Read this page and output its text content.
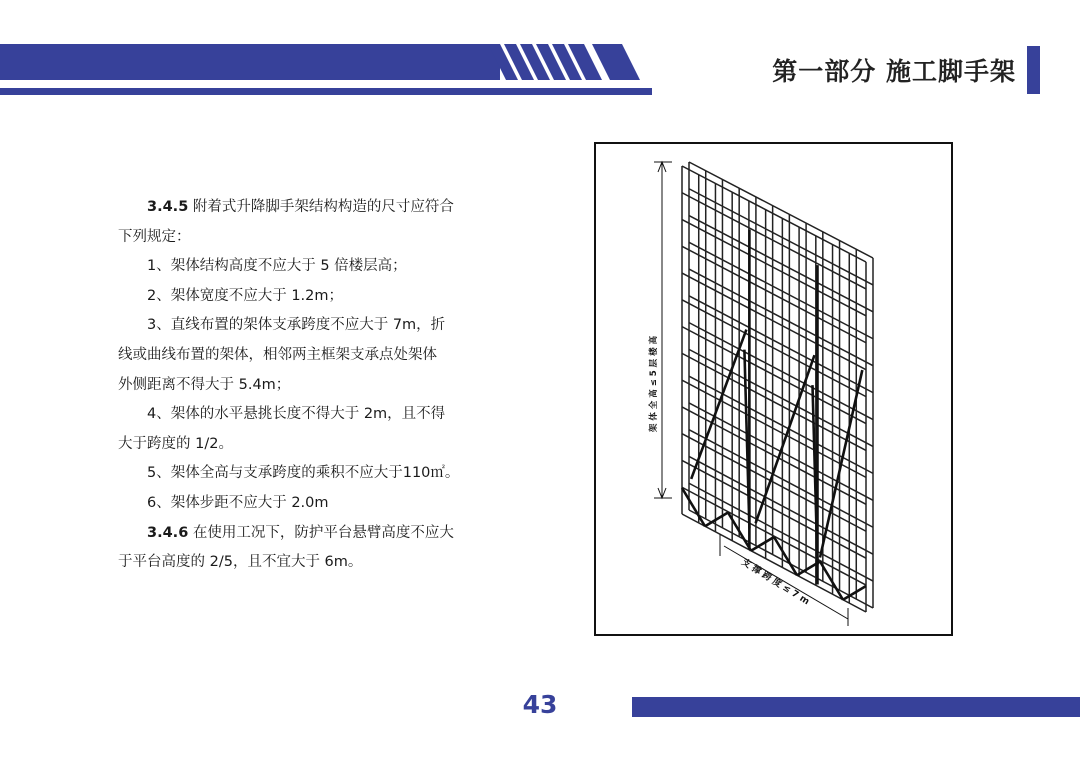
第一部分 施工脚手架

3.4.5 附着式升降脚手架结构构造的尺寸应符合

下列规定：

1、架体结构高度不应大于 5 倍楼层高；

2、架体宽度不应大于 1.2m；

3、直线布置的架体支承跨度不应大于 7m，折

线或曲线布置的架体，相邻两主框架支承点处架体

外侧距离不得大于 5.4m；

4、架体的水平悬挑长度不得大于 2m，且不得

大于跨度的 1/2。

5、架体全高与支承跨度的乘积不应大于110㎡。

6、架体步距不应大于 2.0m

3.4.6 在使用工况下，防护平台悬臂高度不应大

于平台高度的 2/5，且不宜大于 6m。

架 体 全 高 ≤ 5 层 楼 高
支 撑 跨 度 ≤ 7 m
43
